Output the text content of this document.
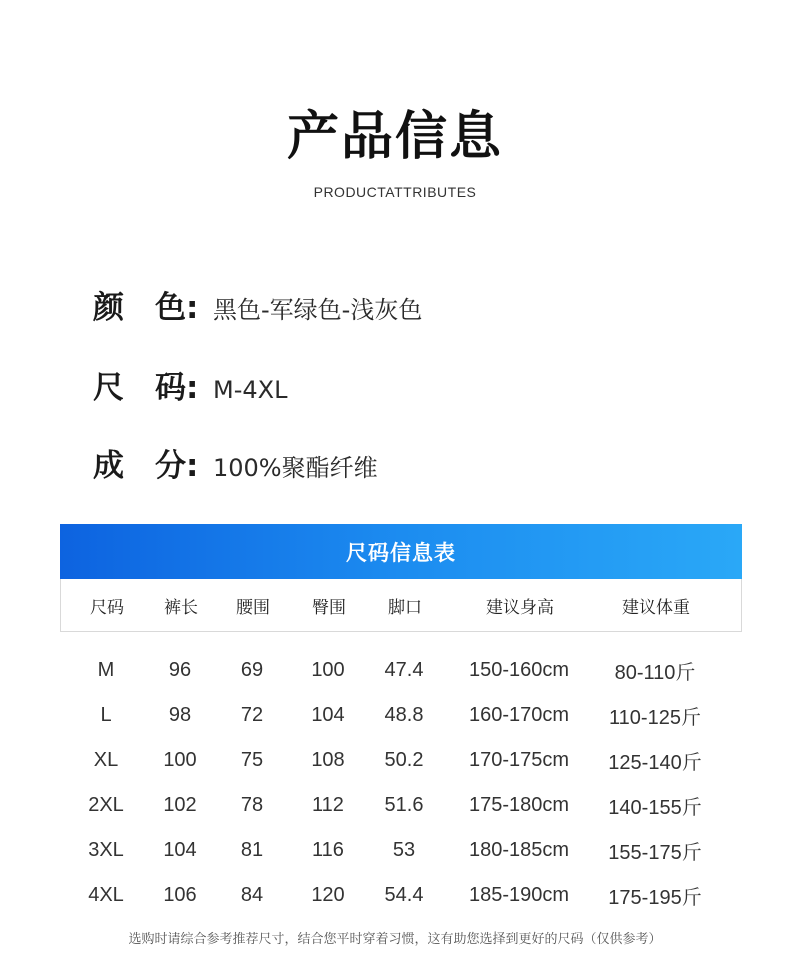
产品信息
PRODUCTATTRIBUTES
颜　色: 黑色-军绿色-浅灰色
尺　码: M-4XL
成　分: 100%聚酯纤维
尺码信息表
尺码	裤长	腰围	臀围	脚口	建议身高	建议体重
M	96	69	100	47.4	150-160cm	80-110斤
L	98	72	104	48.8	160-170cm	110-125斤
XL	100	75	108	50.2	170-175cm	125-140斤
2XL	102	78	112	51.6	175-180cm	140-155斤
3XL	104	81	116	53	180-185cm	155-175斤
4XL	106	84	120	54.4	185-190cm	175-195斤
选购时请综合参考推荐尺寸，结合您平时穿着习惯，这有助您选择到更好的尺码（仅供参考）
